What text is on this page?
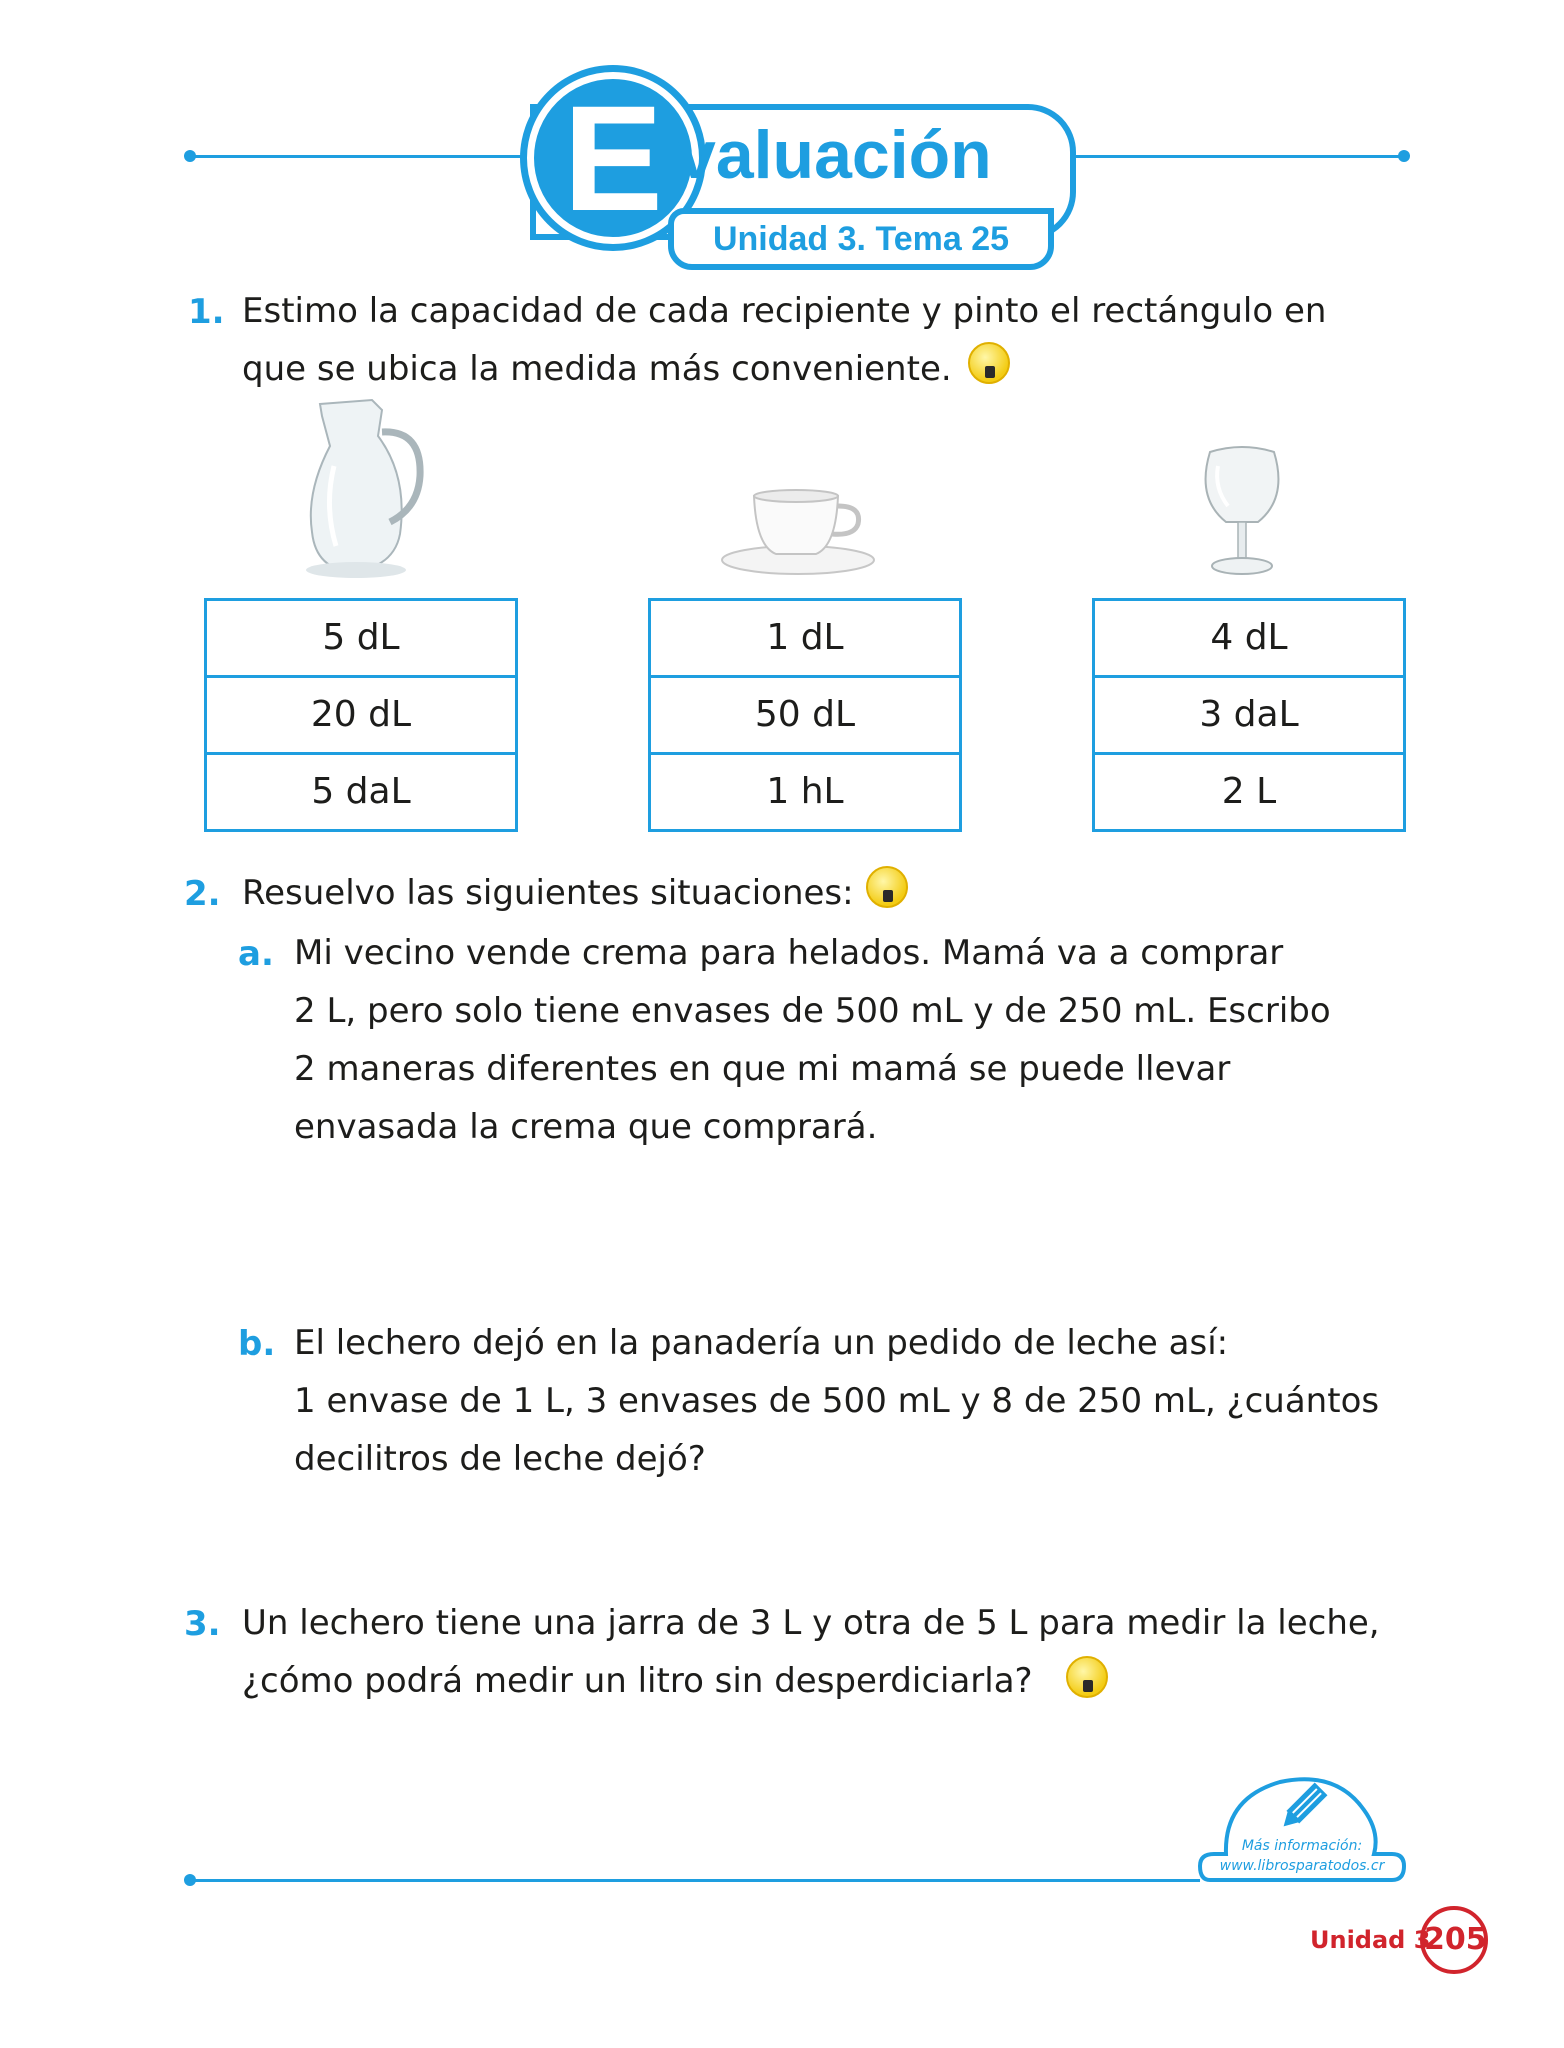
E valuación
Unidad 3. Tema 25
1. Estimo la capacidad de cada recipiente y pinto el rectángulo en
que se ubica la medida más conveniente.
5 dL
20 dL
5 daL
1 dL
50 dL
1 hL
4 dL
3 daL
2 L
2. Resuelvo las siguientes situaciones:
a. Mi vecino vende crema para helados. Mamá va a comprar
2 L, pero solo tiene envases de 500 mL y de 250 mL. Escribo
2 maneras diferentes en que mi mamá se puede llevar
envasada la crema que comprará.
b. El lechero dejó en la panadería un pedido de leche así:
1 envase de 1 L, 3 envases de 500 mL y 8 de 250 mL, ¿cuántos
decilitros de leche dejó?
3. Un lechero tiene una jarra de 3 L y otra de 5 L para medir la leche,
¿cómo podrá medir un litro sin desperdiciarla?
Más información:
www.librosparatodos.cr
Unidad 3
205
